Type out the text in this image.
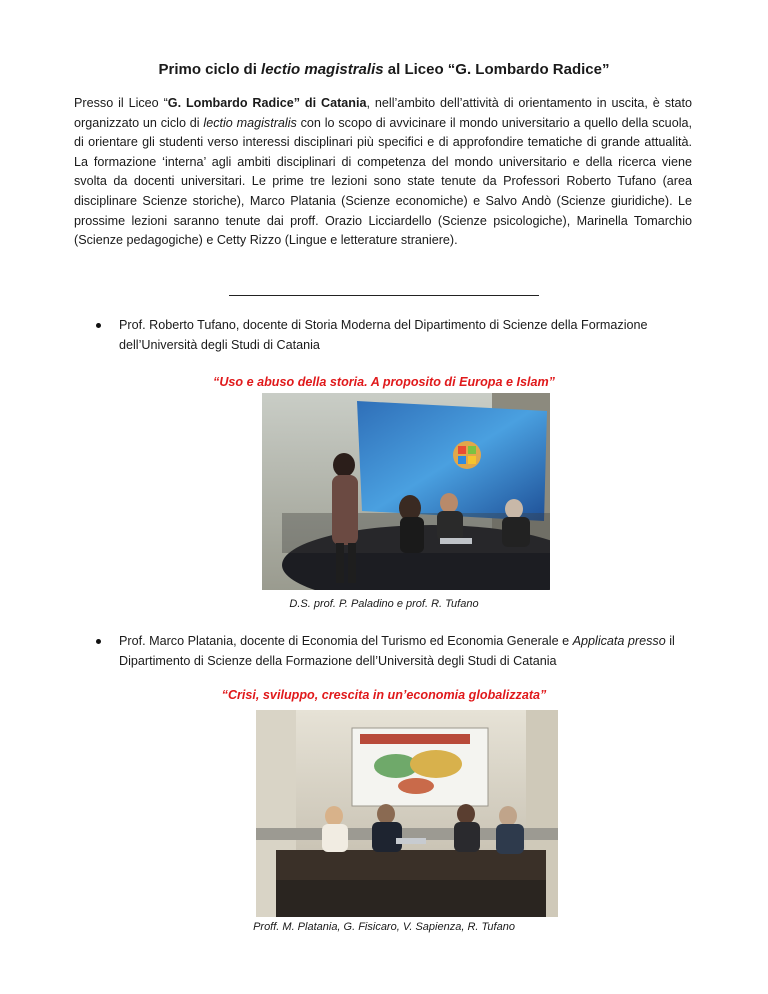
Primo ciclo di lectio magistralis al Liceo “G. Lombardo Radice”
Presso il Liceo “G. Lombardo Radice” di Catania, nell’ambito dell’attività di orientamento in uscita, è stato organizzato un ciclo di lectio magistralis con lo scopo di avvicinare il mondo universitario a quello della scuola, di orientare gli studenti verso interessi disciplinari più specifici e di approfondire tematiche di grande attualità. La formazione ‘interna’ agli ambiti disciplinari di competenza del mondo universitario e della ricerca viene svolta da docenti universitari. Le prime tre lezioni sono state tenute da Professori Roberto Tufano (area disciplinare Scienze storiche), Marco Platania (Scienze economiche) e Salvo Andò (Scienze giuridiche). Le prossime lezioni saranno tenute dai proff. Orazio Licciardello (Scienze psicologiche), Marinella Tomarchio (Scienze pedagogiche) e Cetty Rizzo (Lingue e letterature straniere).
Prof. Roberto Tufano, docente di Storia Moderna del Dipartimento di Scienze della Formazione dell’Università degli Studi di Catania
“Uso e abuso della storia. A proposito di Europa e Islam”
D.S. prof. P. Paladino e prof. R. Tufano
Prof. Marco Platania, docente di Economia del Turismo ed Economia Generale e Applicata presso il Dipartimento di Scienze della Formazione dell’Università degli Studi di Catania
“Crisi, sviluppo, crescita in un’economia globalizzata”
Proff. M. Platania, G. Fisicaro, V. Sapienza, R. Tufano
